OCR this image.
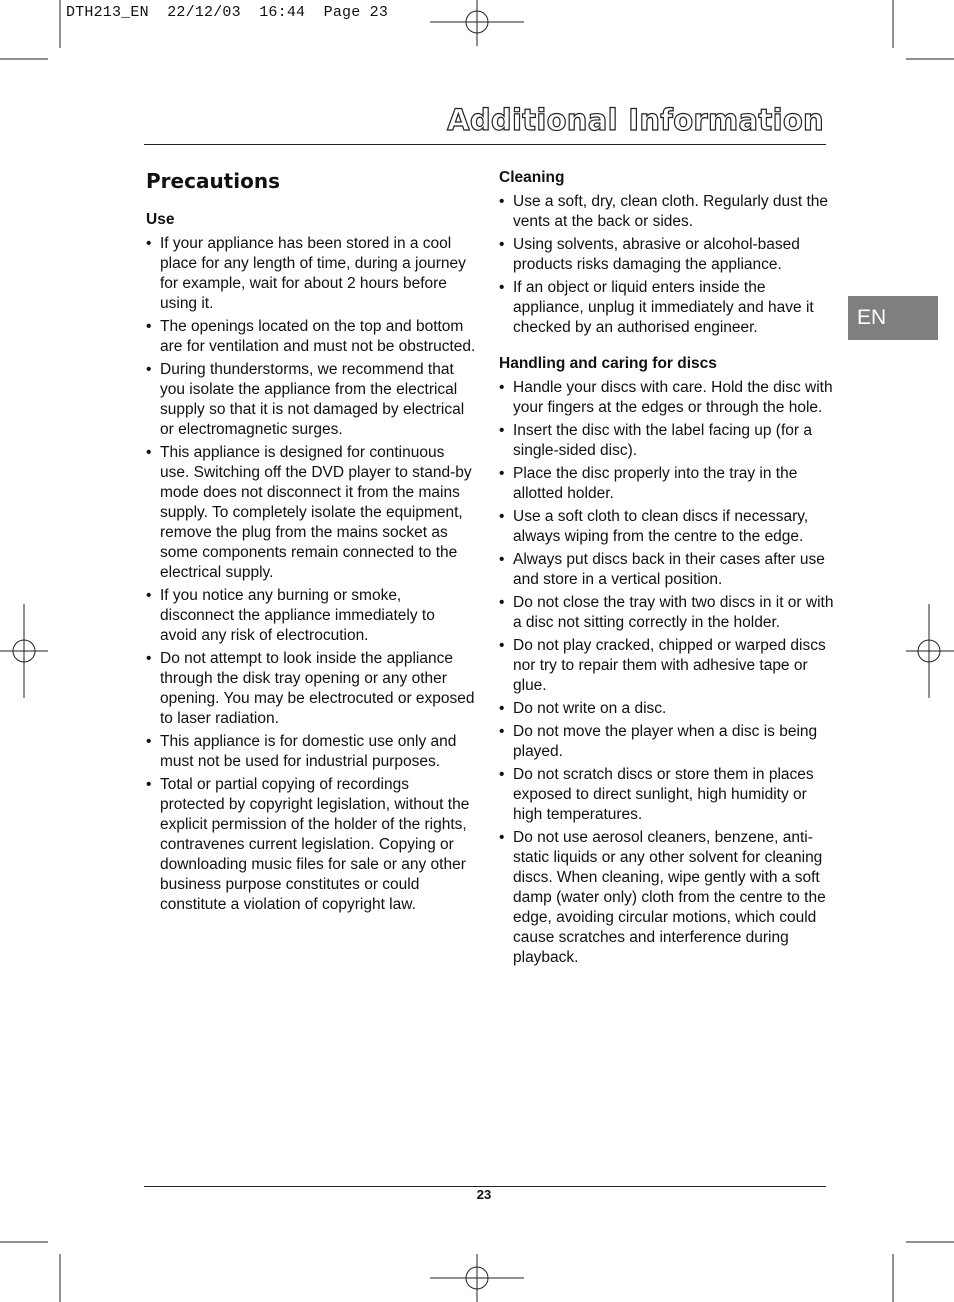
DTH213_EN  22/12/03  16:44  Page 23
Additional Information
EN
Precautions
Use
• If your appliance has been stored in a cool place for any length of time, during a journey for example, wait for about 2 hours before using it.
• The openings located on the top and bottom are for ventilation and must not be obstructed.
• During thunderstorms, we recommend that you isolate the appliance from the electrical supply so that it is not damaged by electrical or electromagnetic surges.
• This appliance is designed for continuous use. Switching off the DVD player to stand-by mode does not disconnect it from the mains supply. To completely isolate the equipment, remove the plug from the mains socket as some components remain connected to the electrical supply.
• If you notice any burning or smoke, disconnect the appliance immediately to avoid any risk of electrocution.
• Do not attempt to look inside the appliance through the disk tray opening or any other opening. You may be electrocuted or exposed to laser radiation.
• This appliance is for domestic use only and must not be used for industrial purposes.
• Total or partial copying of recordings protected by copyright legislation, without the explicit permission of the holder of the rights, contravenes current legislation. Copying or downloading music files for sale or any other business purpose constitutes or could constitute a violation of copyright law.
Cleaning
• Use a soft, dry, clean cloth. Regularly dust the vents at the back or sides.
• Using solvents, abrasive or alcohol-based products risks damaging the appliance.
• If an object or liquid enters inside the appliance, unplug it immediately and have it checked by an authorised engineer.
Handling and caring for discs
• Handle your discs with care. Hold the disc with your fingers at the edges or through the hole.
• Insert the disc with the label facing up (for a single-sided disc).
• Place the disc properly into the tray in the allotted holder.
• Use a soft cloth to clean discs if necessary, always wiping from the centre to the edge.
• Always put discs back in their cases after use and store in a vertical position.
• Do not close the tray with two discs in it or with a disc not sitting correctly in the holder.
• Do not play cracked, chipped or warped discs nor try to repair them with adhesive tape or glue.
• Do not write on a disc.
• Do not move the player when a disc is being played.
• Do not scratch discs or store them in places exposed to direct sunlight, high humidity or high temperatures.
• Do not use aerosol cleaners, benzene, anti-static liquids or any other solvent for cleaning discs. When cleaning, wipe gently with a soft damp (water only) cloth from the centre to the edge, avoiding circular motions, which could cause scratches and interference during playback.
23
